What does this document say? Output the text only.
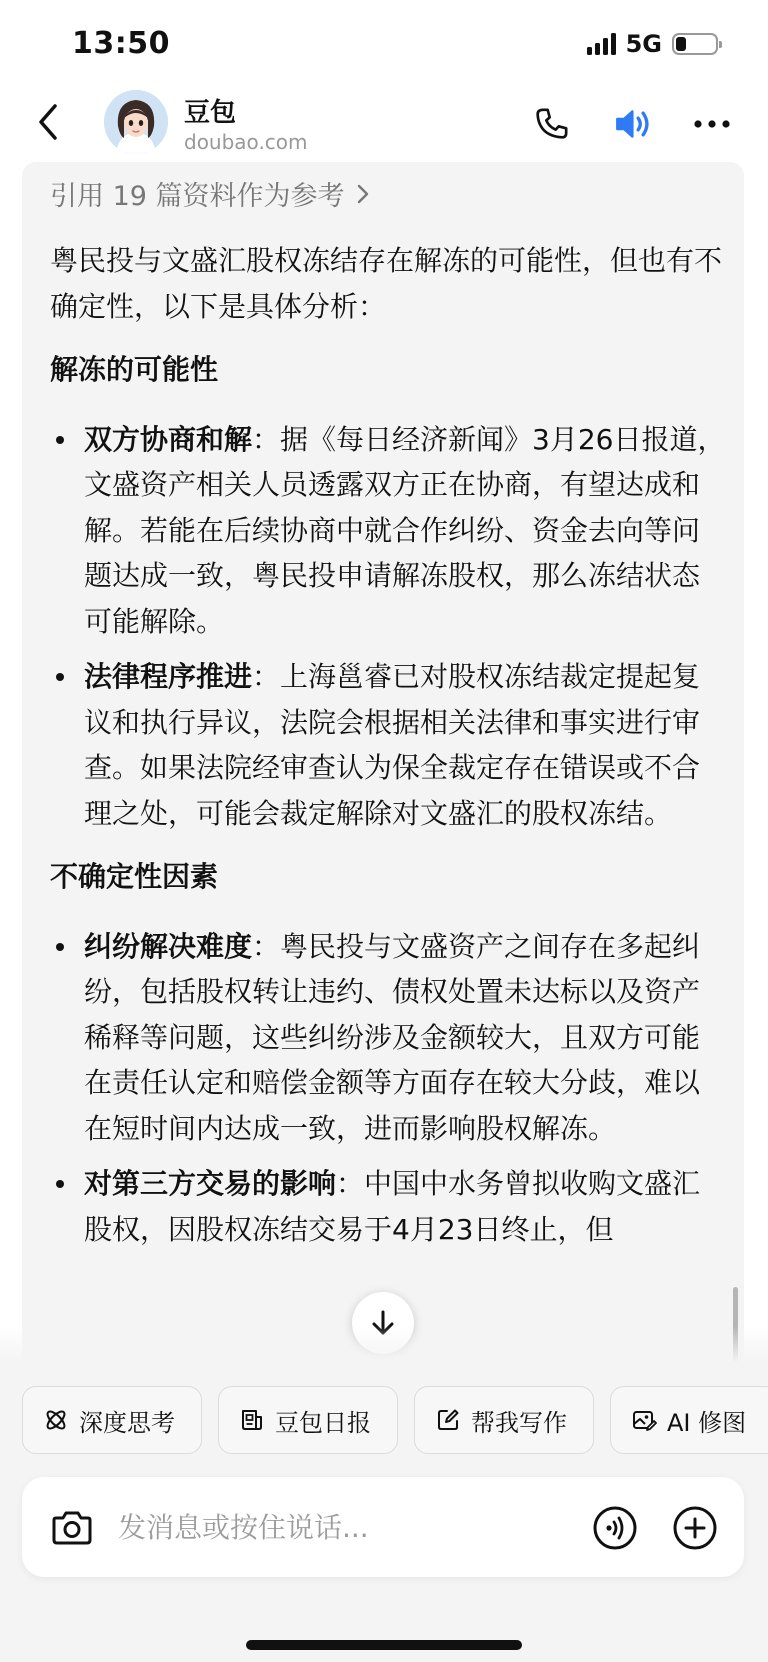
13:50	5G
豆包
doubao.com
引用 19 篇资料作为参考

粤民投与文盛汇股权冻结存在解冻的可能性，但也有不确定性，以下是具体分析：

解冻的可能性
双方协商和解：据《每日经济新闻》3月26日报道，文盛资产相关人员透露双方正在协商，有望达成和解。若能在后续协商中就合作纠纷、资金去向等问题达成一致，粤民投申请解冻股权，那么冻结状态可能解除。
法律程序推进：上海邕睿已对股权冻结裁定提起复议和执行异议，法院会根据相关法律和事实进行审查。如果法院经审查认为保全裁定存在错误或不合理之处，可能会裁定解除对文盛汇的股权冻结。
不确定性因素
纠纷解决难度：粤民投与文盛资产之间存在多起纠纷，包括股权转让违约、债权处置未达标以及资产稀释等问题，这些纠纷涉及金额较大，且双方可能在责任认定和赔偿金额等方面存在较大分歧，难以在短时间内达成一致，进而影响股权解冻。
对第三方交易的影响：中国中水务曾拟收购文盛汇股权，因股权冻结交易于4月23日终止，但
深度思考	豆包日报	帮我写作	AI 修图
发消息或按住说话...
